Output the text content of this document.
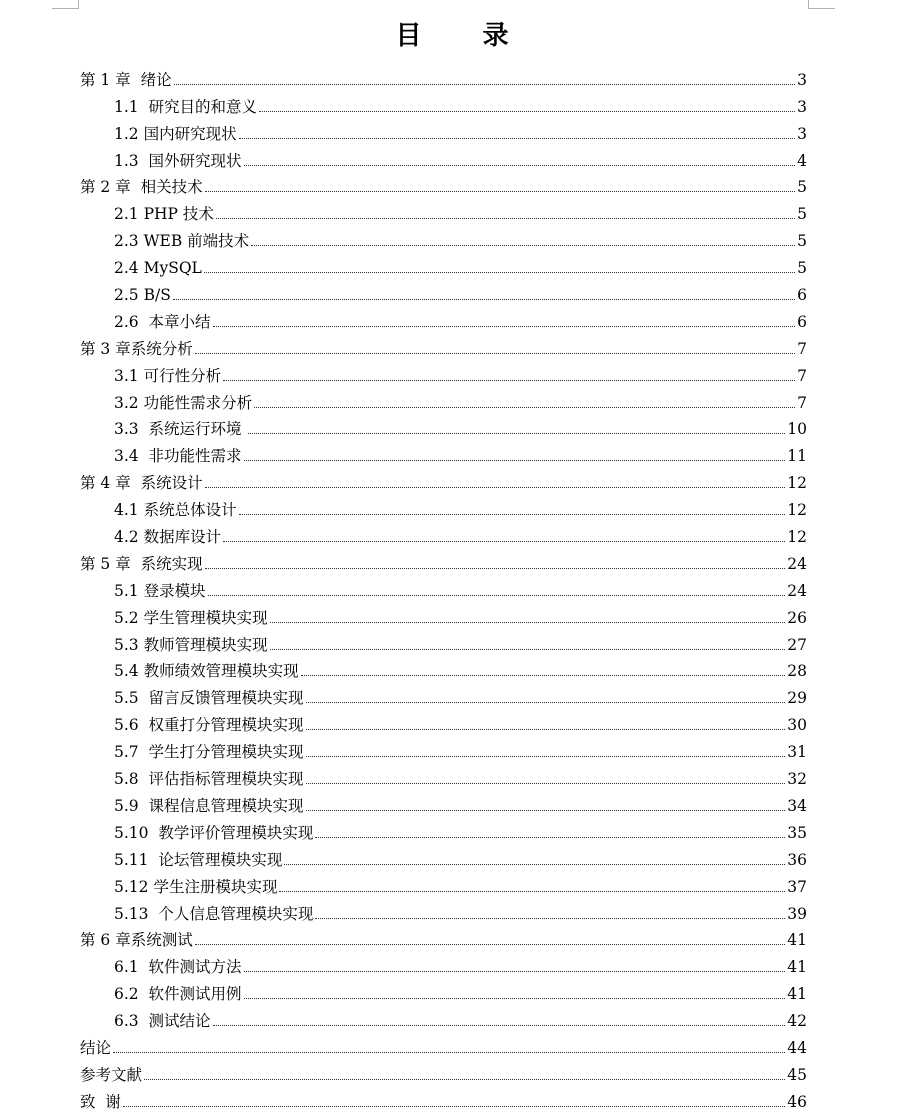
目 录
第 1 章  绪论	3
1.1  研究目的和意义	3
1.2 国内研究现状	3
1.3  国外研究现状	4
第 2 章  相关技术	5
2.1 PHP 技术	5
2.3 WEB 前端技术	5
2.4 MySQL	5
2.5 B/S	6
2.6  本章小结	6
第 3 章系统分析	7
3.1 可行性分析	7
3.2 功能性需求分析	7
3.3  系统运行环境	10
3.4  非功能性需求	11
第 4 章  系统设计	12
4.1 系统总体设计	12
4.2 数据库设计	12
第 5 章  系统实现	24
5.1 登录模块	24
5.2 学生管理模块实现	26
5.3 教师管理模块实现	27
5.4 教师绩效管理模块实现	28
5.5  留言反馈管理模块实现	29
5.6  权重打分管理模块实现	30
5.7  学生打分管理模块实现	31
5.8  评估指标管理模块实现	32
5.9  课程信息管理模块实现	34
5.10  教学评价管理模块实现	35
5.11  论坛管理模块实现	36
5.12 学生注册模块实现	37
5.13  个人信息管理模块实现	39
第 6 章系统测试	41
6.1  软件测试方法	41
6.2  软件测试用例	41
6.3  测试结论	42
结论	44
参考文献	45
致  谢	46
